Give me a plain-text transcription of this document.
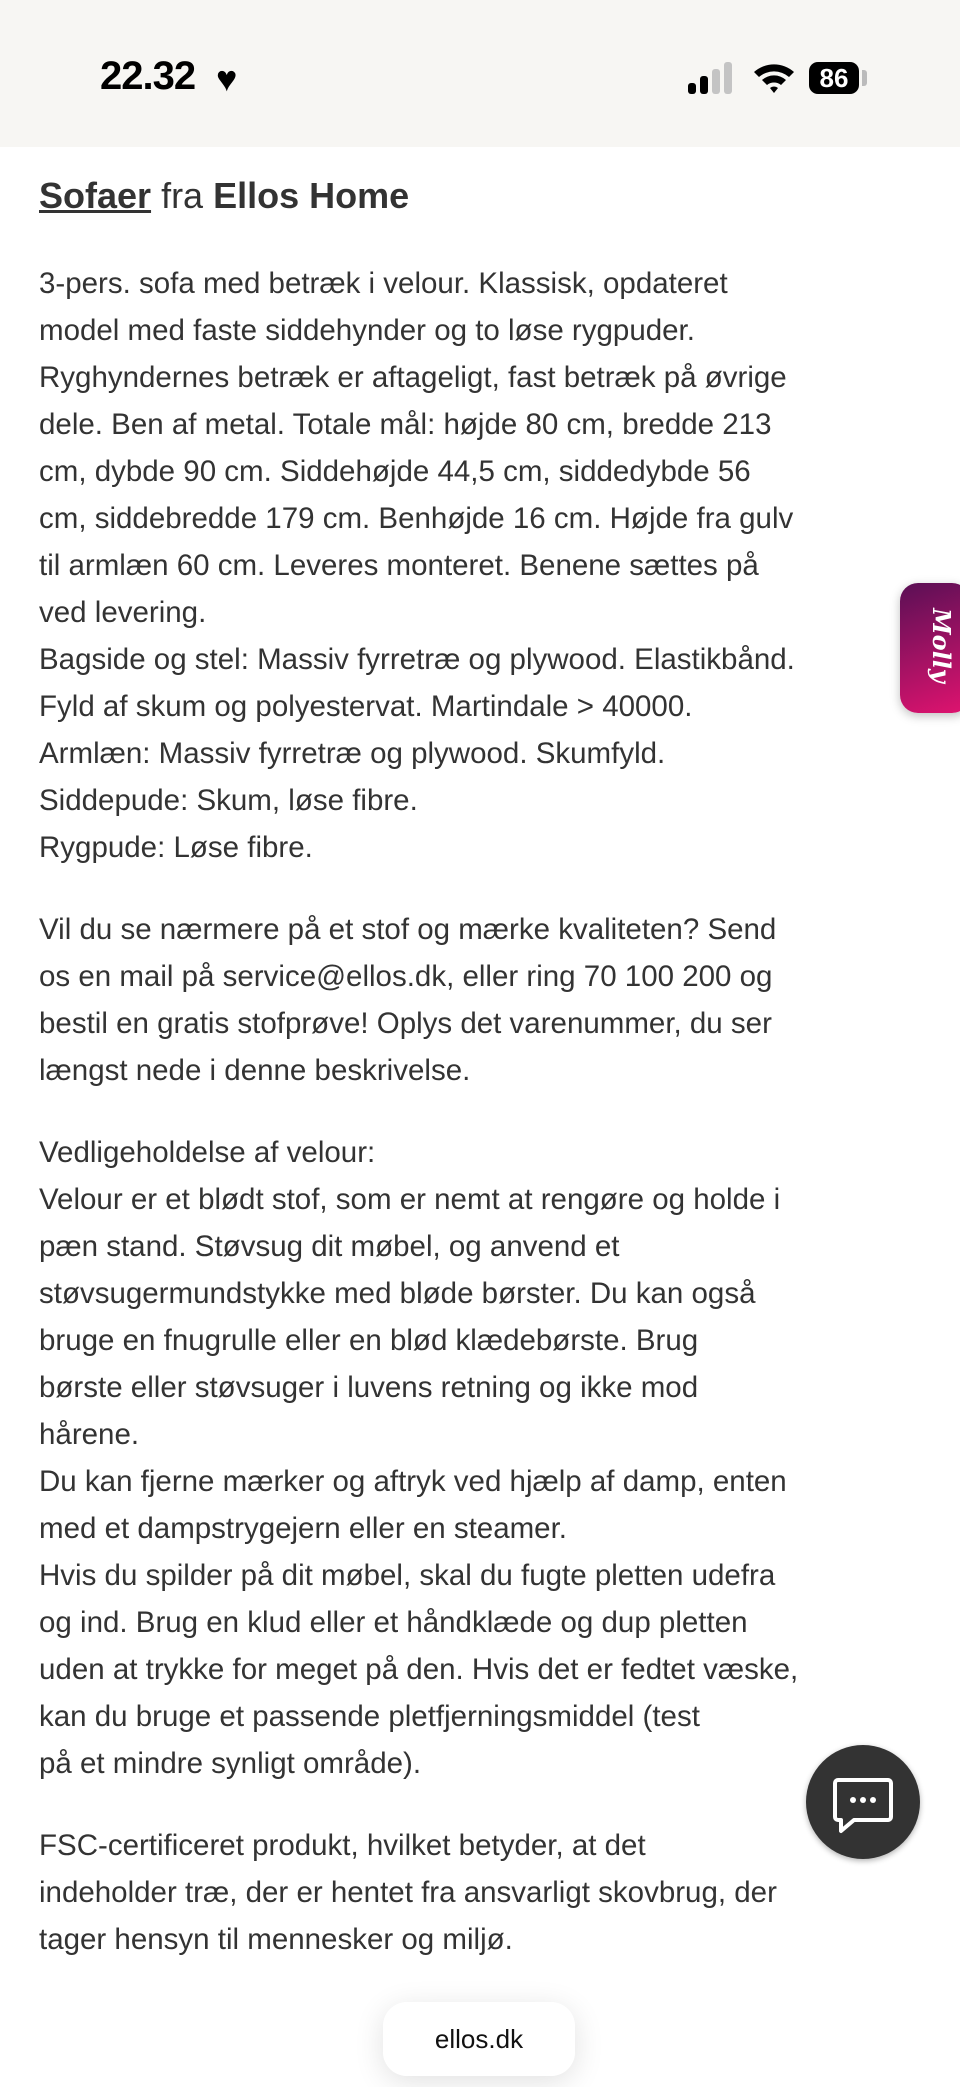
22.32 ♥	86
Sofaer fra Ellos Home
3-pers. sofa med betræk i velour. Klassisk, opdateret
model med faste siddehynder og to løse rygpuder.
Ryghyndernes betræk er aftageligt, fast betræk på øvrige
dele. Ben af metal. Totale mål: højde 80 cm, bredde 213
cm, dybde 90 cm. Siddehøjde 44,5 cm, siddedybde 56
cm, siddebredde 179 cm. Benhøjde 16 cm. Højde fra gulv
til armlæn 60 cm. Leveres monteret. Benene sættes på
ved levering.
Bagside og stel: Massiv fyrretræ og plywood. Elastikbånd.
Fyld af skum og polyestervat. Martindale > 40000.
Armlæn: Massiv fyrretræ og plywood. Skumfyld.
Siddepude: Skum, løse fibre.
Rygpude: Løse fibre.
Vil du se nærmere på et stof og mærke kvaliteten? Send
os en mail på service@ellos.dk, eller ring 70 100 200 og
bestil en gratis stofprøve! Oplys det varenummer, du ser
længst nede i denne beskrivelse.
Vedligeholdelse af velour:
Velour er et blødt stof, som er nemt at rengøre og holde i
pæn stand. Støvsug dit møbel, og anvend et
støvsugermundstykke med bløde børster. Du kan også
bruge en fnugrulle eller en blød klædebørste. Brug
børste eller støvsuger i luvens retning og ikke mod
hårene.
Du kan fjerne mærker og aftryk ved hjælp af damp, enten
med et dampstrygejern eller en steamer.
Hvis du spilder på dit møbel, skal du fugte pletten udefra
og ind. Brug en klud eller et håndklæde og dup pletten
uden at trykke for meget på den. Hvis det er fedtet væske,
kan du bruge et passende pletfjerningsmiddel (test
på et mindre synligt område).
FSC-certificeret produkt, hvilket betyder, at det
indeholder træ, der er hentet fra ansvarligt skovbrug, der
tager hensyn til mennesker og miljø.
Molly
ellos.dk
